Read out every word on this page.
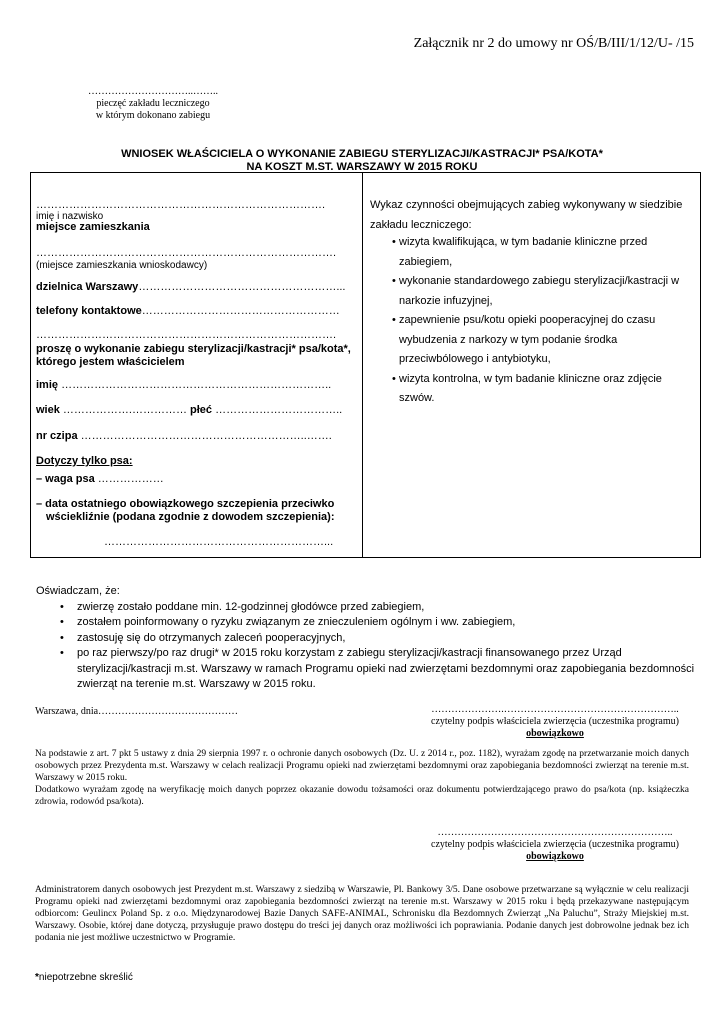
Załącznik nr 2 do umowy nr OŚ/B/III/1/12/U- /15
…………………………..……..
pieczęć zakładu leczniczego
w którym dokonano zabiegu
WNIOSEK WŁAŚCICIELA O WYKONANIE ZABIEGU STERYLIZACJI/KASTRACJI* PSA/KOTA*
NA KOSZT M.ST. WARSZAWY W 2015 ROKU
…………………………………………………………………….
imię i nazwisko
miejsce zamieszkania
……………………………………………………………………….
(miejsce zamieszkania wnioskodawcy)
dzielnica Warszawy………………………………………………...
telefony kontaktowe………………………………………………
……………………………………………………………………….
proszę o wykonanie zabiegu sterylizacji/kastracji* psa/kota*,
którego jestem właścicielem
imię ………………………………………………………………..
wiek ……………….…………… płeć ……………………………..
nr czipa ……………………………………………………..…….
Dotyczy tylko psa:
– waga psa ………………
– data ostatniego obowiązkowego szczepienia przeciwko
wściekliźnie (podana zgodnie z dowodem szczepienia):
……………………………………………………...
Wykaz czynności obejmujących zabieg wykonywany w siedzibie zakładu leczniczego:
• wizyta kwalifikująca, w tym badanie kliniczne przed zabiegiem,
• wykonanie standardowego zabiegu sterylizacji/kastracji w narkozie infuzyjnej,
• zapewnienie psu/kotu opieki pooperacyjnej do czasu wybudzenia z narkozy w tym podanie środka przeciwbólowego i antybiotyku,
• wizyta kontrolna, w tym badanie kliniczne oraz zdjęcie szwów.
Oświadczam, że:
• zwierzę zostało poddane min. 12-godzinnej głodówce przed zabiegiem,
• zostałem poinformowany o ryzyku związanym ze znieczuleniem ogólnym i ww. zabiegiem,
• zastosuję się do otrzymanych zaleceń pooperacyjnych,
• po raz pierwszy/po raz drugi* w 2015 roku korzystam z zabiegu sterylizacji/kastracji finansowanego przez Urząd sterylizacji/kastracji m.st. Warszawy w ramach Programu opieki nad zwierzętami bezdomnymi oraz zapobiegania bezdomności zwierząt na terenie m.st. Warszawy w 2015 roku.
Warszawa, dnia……………………………………	………………….……………………………………………..
czytelny podpis właściciela zwierzęcia (uczestnika programu)
obowiązkowo
Na podstawie z art. 7 pkt 5 ustawy z dnia 29 sierpnia 1997 r. o ochronie danych osobowych (Dz. U. z 2014 r., poz. 1182), wyrażam zgodę na przetwarzanie moich danych osobowych przez Prezydenta m.st. Warszawy w celach realizacji Programu opieki nad zwierzętami bezdomnymi oraz zapobiegania bezdomności zwierząt na terenie m.st. Warszawy w 2015 roku.
Dodatkowo wyrażam zgodę na weryfikację moich danych poprzez okazanie dowodu tożsamości oraz dokumentu potwierdzającego prawo do psa/kota (np. książeczka zdrowia, rodowód psa/kota).
……………………………………………………………..
czytelny podpis właściciela zwierzęcia (uczestnika programu)
obowiązkowo
Administratorem danych osobowych jest Prezydent m.st. Warszawy z siedzibą w Warszawie, Pl. Bankowy 3/5. Dane osobowe przetwarzane są wyłącznie w celu realizacji Programu opieki nad zwierzętami bezdomnymi oraz zapobiegania bezdomności zwierząt na terenie m.st. Warszawy w 2015 roku i będą przekazywane następującym odbiorcom: Geulincx Poland Sp. z o.o. Międzynarodowej Bazie Danych SAFE-ANIMAL, Schronisku dla Bezdomnych Zwierząt „Na Paluchu”, Straży Miejskiej m.st. Warszawy. Osobie, której dane dotyczą, przysługuje prawo dostępu do treści jej danych oraz możliwości ich poprawiania. Podanie danych jest dobrowolne jednak bez ich podania nie jest możliwe uczestnictwo w Programie.
*niepotrzebne skreślić
